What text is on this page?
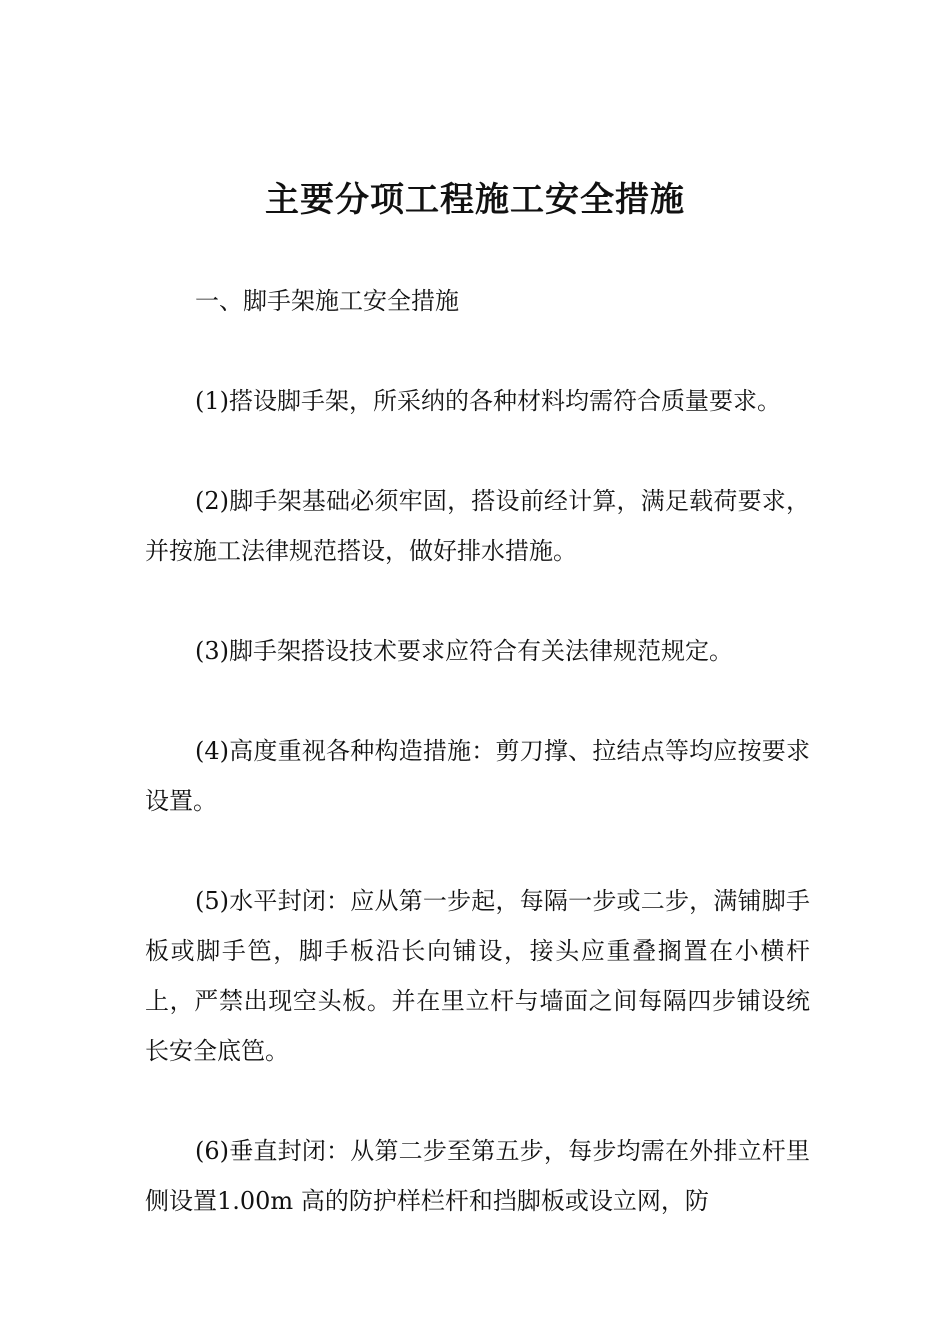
主要分项工程施工安全措施

一、脚手架施工安全措施

(1)搭设脚手架，所采纳的各种材料均需符合质量要求。

(2)脚手架基础必须牢固，搭设前经计算，满足载荷要求，并按施工法律规范搭设，做好排水措施。

(3)脚手架搭设技术要求应符合有关法律规范规定。

(4)高度重视各种构造措施：剪刀撑、拉结点等均应按要求设置。

(5)水平封闭：应从第一步起，每隔一步或二步，满铺脚手板或脚手笆，脚手板沿长向铺设，接头应重叠搁置在小横杆上，严禁出现空头板。并在里立杆与墙面之间每隔四步铺设统长安全底笆。

(6)垂直封闭：从第二步至第五步，每步均需在外排立杆里侧设置1.00m 高的防护样栏杆和挡脚板或设立网，防
